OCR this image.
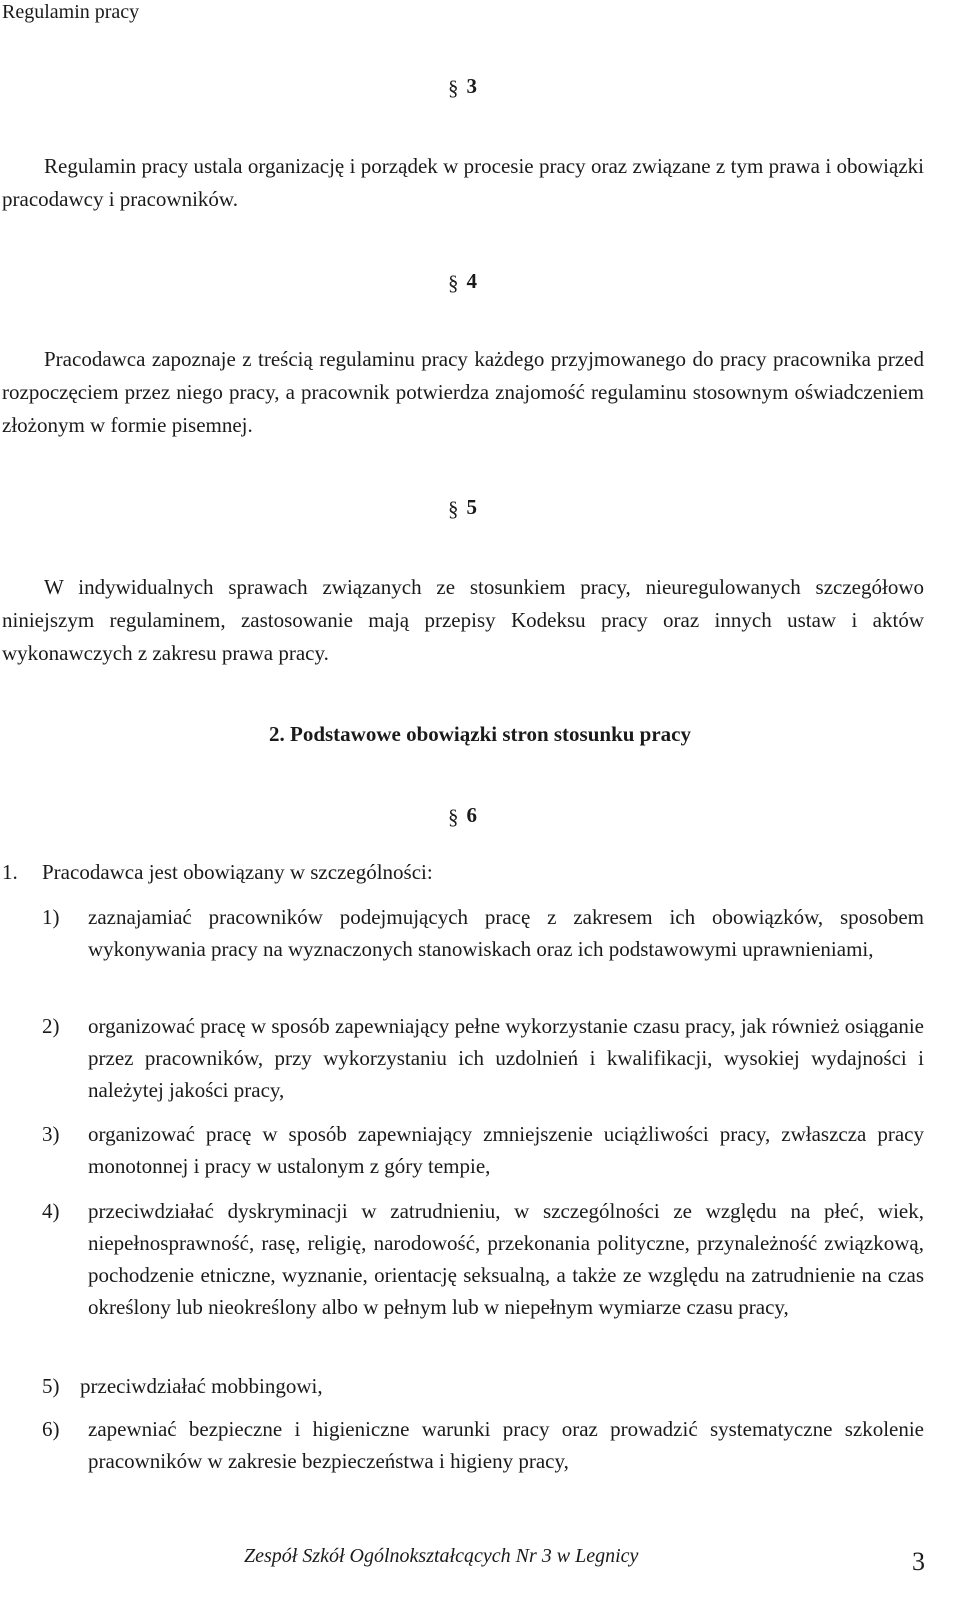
Regulamin pracy
§ 3
Regulamin pracy ustala organizację i porządek w procesie pracy oraz związane z tym prawa i obowiązki pracodawcy i pracowników.
§ 4
Pracodawca zapoznaje z treścią regulaminu pracy każdego przyjmowanego do pracy pracownika przed rozpoczęciem przez niego pracy, a pracownik potwierdza znajomość regulaminu stosownym oświadczeniem złożonym w formie pisemnej.
§ 5
W indywidualnych sprawach związanych ze stosunkiem pracy, nieuregulowanych szczegółowo niniejszym regulaminem, zastosowanie mają przepisy Kodeksu pracy oraz innych ustaw i aktów wykonawczych z zakresu prawa pracy.
2. Podstawowe obowiązki stron stosunku pracy
§ 6
1. Pracodawca jest obowiązany w szczególności:
1) zaznajamiać pracowników podejmujących pracę z zakresem ich obowiązków, sposobem wykonywania pracy na wyznaczonych stanowiskach oraz ich podstawowymi uprawnieniami,
2) organizować pracę w sposób zapewniający pełne wykorzystanie czasu pracy, jak również osiąganie przez pracowników, przy wykorzystaniu ich uzdolnień i kwalifikacji, wysokiej wydajności i należytej jakości pracy,
3) organizować pracę w sposób zapewniający zmniejszenie uciążliwości pracy, zwłaszcza pracy monotonnej i pracy w ustalonym z góry tempie,
4) przeciwdziałać dyskryminacji w zatrudnieniu, w szczególności ze względu na płeć, wiek, niepełnosprawność, rasę, religię, narodowość, przekonania polityczne, przynależność związkową, pochodzenie etniczne, wyznanie, orientację seksualną, a także ze względu na zatrudnienie na czas określony lub nieokreślony albo w pełnym lub w niepełnym wymiarze czasu pracy,
5) przeciwdziałać mobbingowi,
6) zapewniać bezpieczne i higieniczne warunki pracy oraz prowadzić systematyczne szkolenie pracowników w zakresie bezpieczeństwa i higieny pracy,
Zespół Szkół Ogólnokształcących Nr 3 w Legnicy	3
